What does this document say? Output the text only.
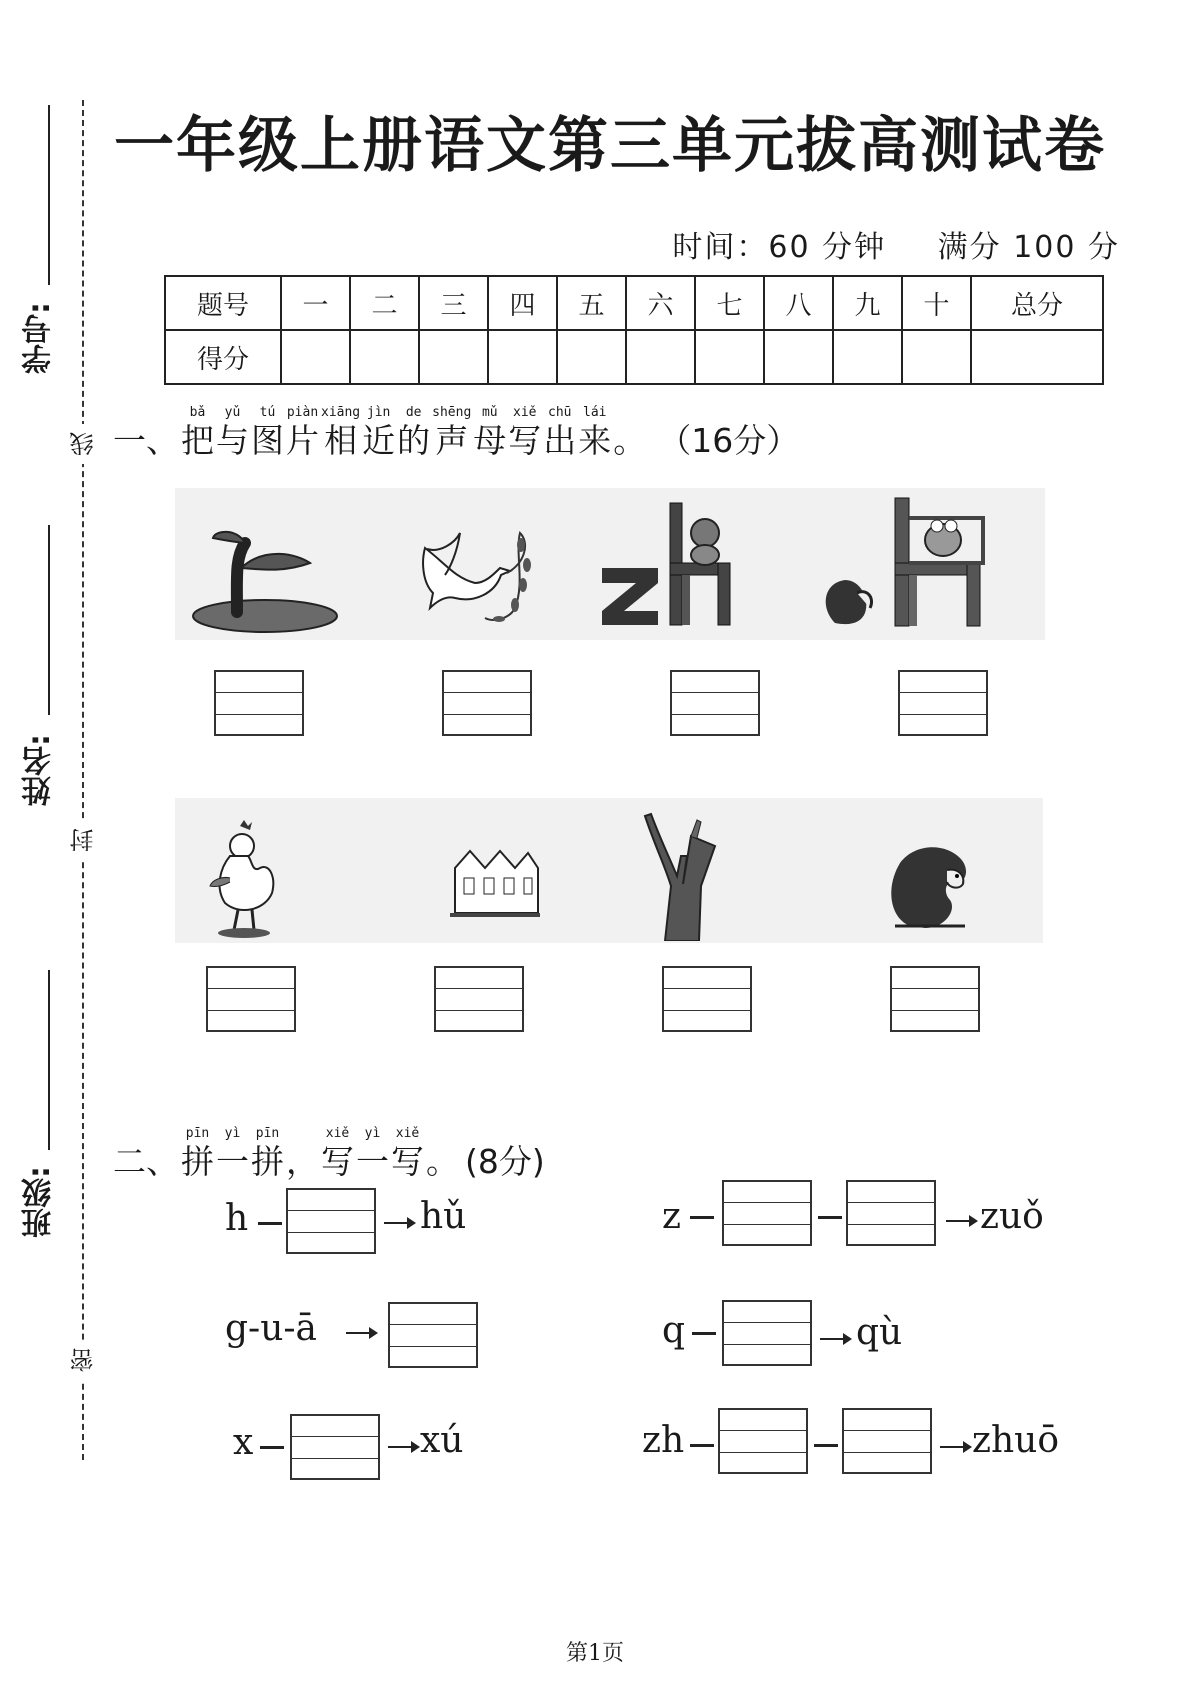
学号:
姓名:
班级:
线
封
密
一年级上册语文第三单元拔高测试卷
时间：60 分钟 满分 100 分
题号	一	二	三	四	五	六	七	八	九	十	总分
得分											
一、
bǎ
把
yǔ
与
tú
图
piàn
片
xiāng
相
jìn
近
de
的
shēng
声
mǔ
母
xiě
写
chū
出
lái
来 。 （16分）
二、
pīn
拼
yì
一
pīn
拼 ，
xiě
写
yì
一
xiě
写 。 (8分)
h	hǔ	z	zuǒ
g-u-ā	q	qù
x	xú	zh	zhuō
第1页
